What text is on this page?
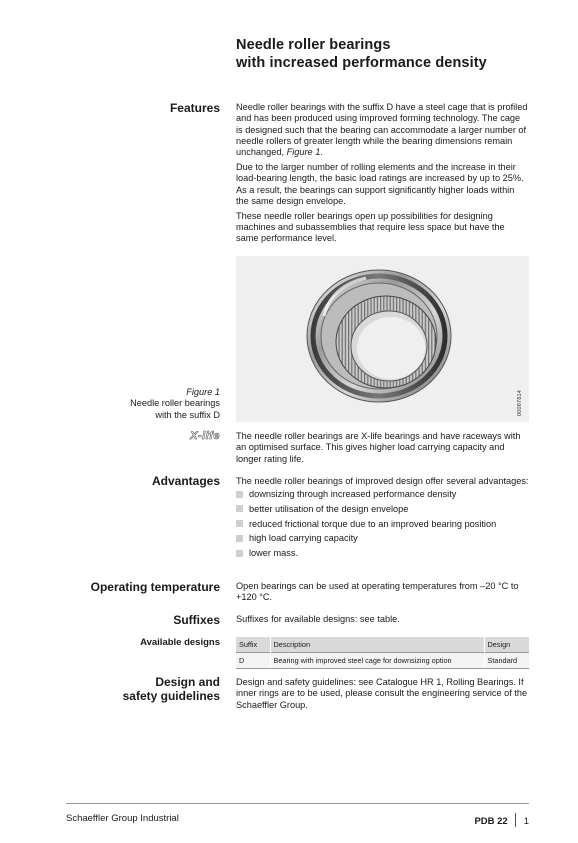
Needle roller bearings
with increased performance density
Features Needle roller bearings with the suffix D have a steel cage that is profiled and has been produced using improved forming technology. The cage is designed such that the bearing can accommodate a larger number of needle rollers of greater length while the bearing dimensions remain unchanged, Figure 1.

Due to the larger number of rolling elements and the increase in their load-bearing length, the basic load ratings are increased by up to 25%. As a result, the bearings can support significantly higher loads within the same design envelope.

These needle roller bearings open up possibilities for designing machines and subassemblies that require less space but have the same performance level.

00087814
Figure 1
Needle roller bearings
with the suffix D
X-life The needle roller bearings are X-life bearings and have raceways with an optimised surface. This gives higher load carrying capacity and longer rating life.
Advantages The needle roller bearings of improved design offer several advantages:
downsizing through increased performance density
better utilisation of the design envelope
reduced frictional torque due to an improved bearing position
high load carrying capacity
lower mass.
Operating temperature Open bearings can be used at operating temperatures from –20 °C to +120 °C.
Suffixes Suffixes for available designs: see table.
Available designs	Suffix	Description	Design
D	Bearing with improved steel cage for downsizing option	Standard
Design and
safety guidelines
Design and safety guidelines: see Catalogue HR 1, Rolling Bearings. If inner rings are to be used, please consult the engineering service of the Schaeffler Group.
Schaeffler Group Industrial	PDB 22 1
